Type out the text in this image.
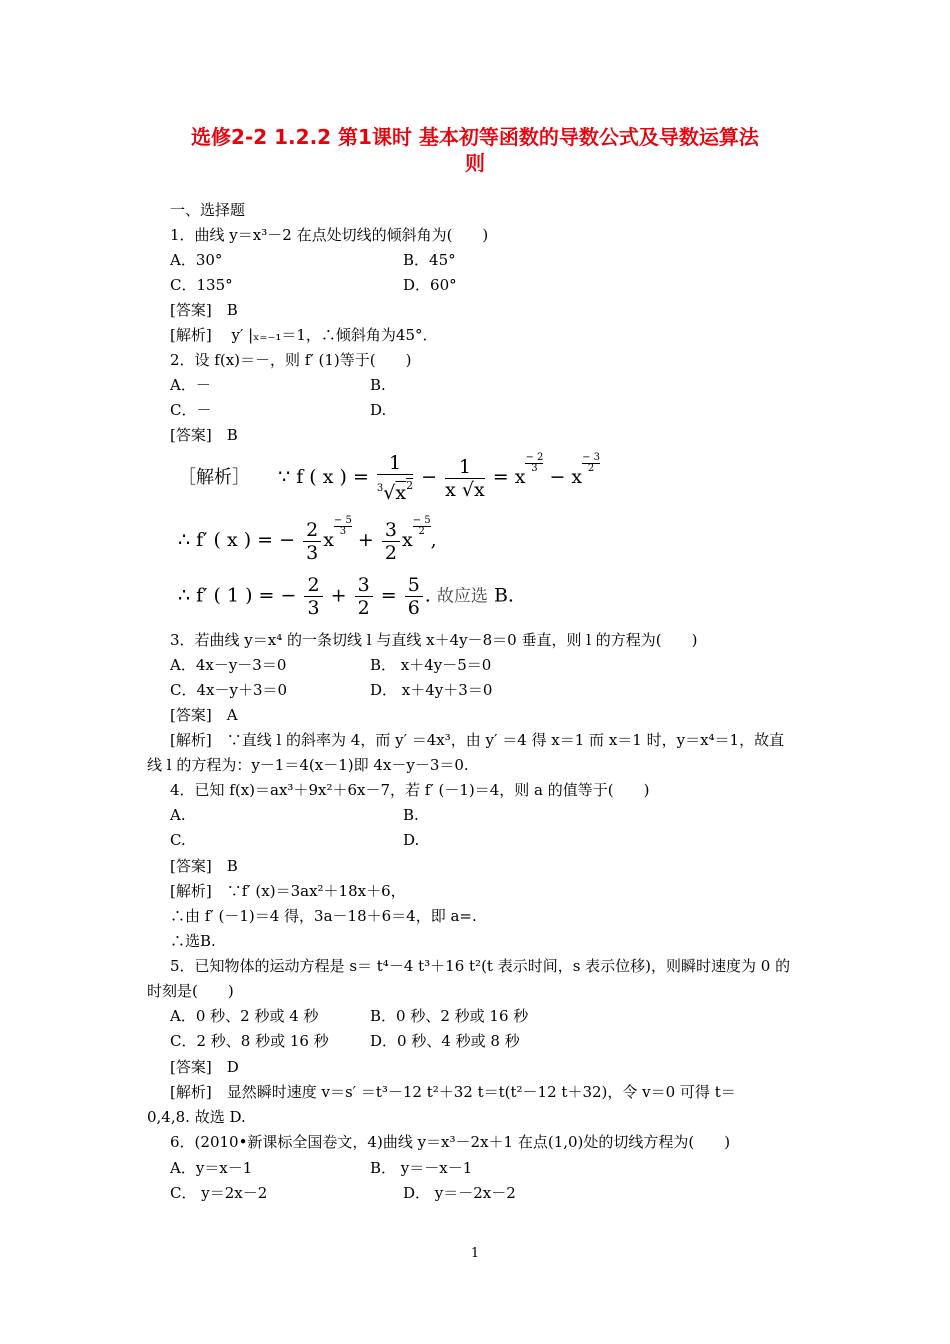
选修2-2 1.2.2 第1课时 基本初等函数的导数公式及导数运算法
则
一、选择题
1．曲线 y＝x³－2 在点处切线的倾斜角为(　　)
A．30°	B．45°
C．135°	D．60°
[答案]　B
[解析]　 y′ |ₓ₌₋₁＝1，∴倾斜角为45°．
2．设 f(x)＝－，则 f′ (1)等于(　　)
A．－	B.
C．－	D.
[答案]　B
［解析］ ∵ f ( x ) = $\frac{1}{^3√x^2} - \frac{1}{x √x} = x$
$\frac{- 2}{3}$
− x
$\frac{- 3}{2}$
∴ f′ ( x ) = − $\frac{2}{3}$ x
$\frac{- 5}{3}$
+ $\frac{3}{2}$ x
$\frac{- 5}{2}$
,
∴ f′ ( 1 ) = − $\frac{2}{3} + \frac{3}{2} = \frac{5}{6}$ . 故应选 B.
3．若曲线 y＝x⁴ 的一条切线 l 与直线 x＋4y－8＝0 垂直，则 l 的方程为(　　)
A．4x－y－3＝0	B． x＋4y－5＝0
C．4x－y＋3＝0	D． x＋4y＋3＝0
[答案]　A
[解析]　∵直线 l 的斜率为 4，而 y′ ＝4x³，由 y′ ＝4 得 x＝1 而 x＝1 时，y＝x⁴＝1，故直
线 l 的方程为：y－1＝4(x－1)即 4x－y－3＝0.
4．已知 f(x)＝ax³＋9x²＋6x－7，若 f′ (－1)＝4，则 a 的值等于(　　)
A.	B.
C.	D.
[答案]　B
[解析]　∵f′ (x)＝3ax²＋18x＋6，
∴由 f′ (－1)＝4 得，3a－18＋6＝4，即 a=.
∴选B.
5．已知物体的运动方程是 s＝ t⁴－4 t³＋16 t²(t 表示时间，s 表示位移)，则瞬时速度为 0 的
时刻是(　　)
A．0 秒、2 秒或 4 秒	B．0 秒、2 秒或 16 秒
C．2 秒、8 秒或 16 秒	D．0 秒、4 秒或 8 秒
[答案]　D
[解析]　显然瞬时速度 v＝s′ ＝t³－12 t²＋32 t＝t(t²－12 t＋32)，令 v＝0 可得 t＝
0,4,8. 故选 D.
6．(2010•新课标全国卷文，4)曲线 y＝x³－2x＋1 在点(1,0)处的切线方程为(　　)
A．y＝x－1	B． y＝－x－1
C． y＝2x－2	D． y＝－2x－2
1
